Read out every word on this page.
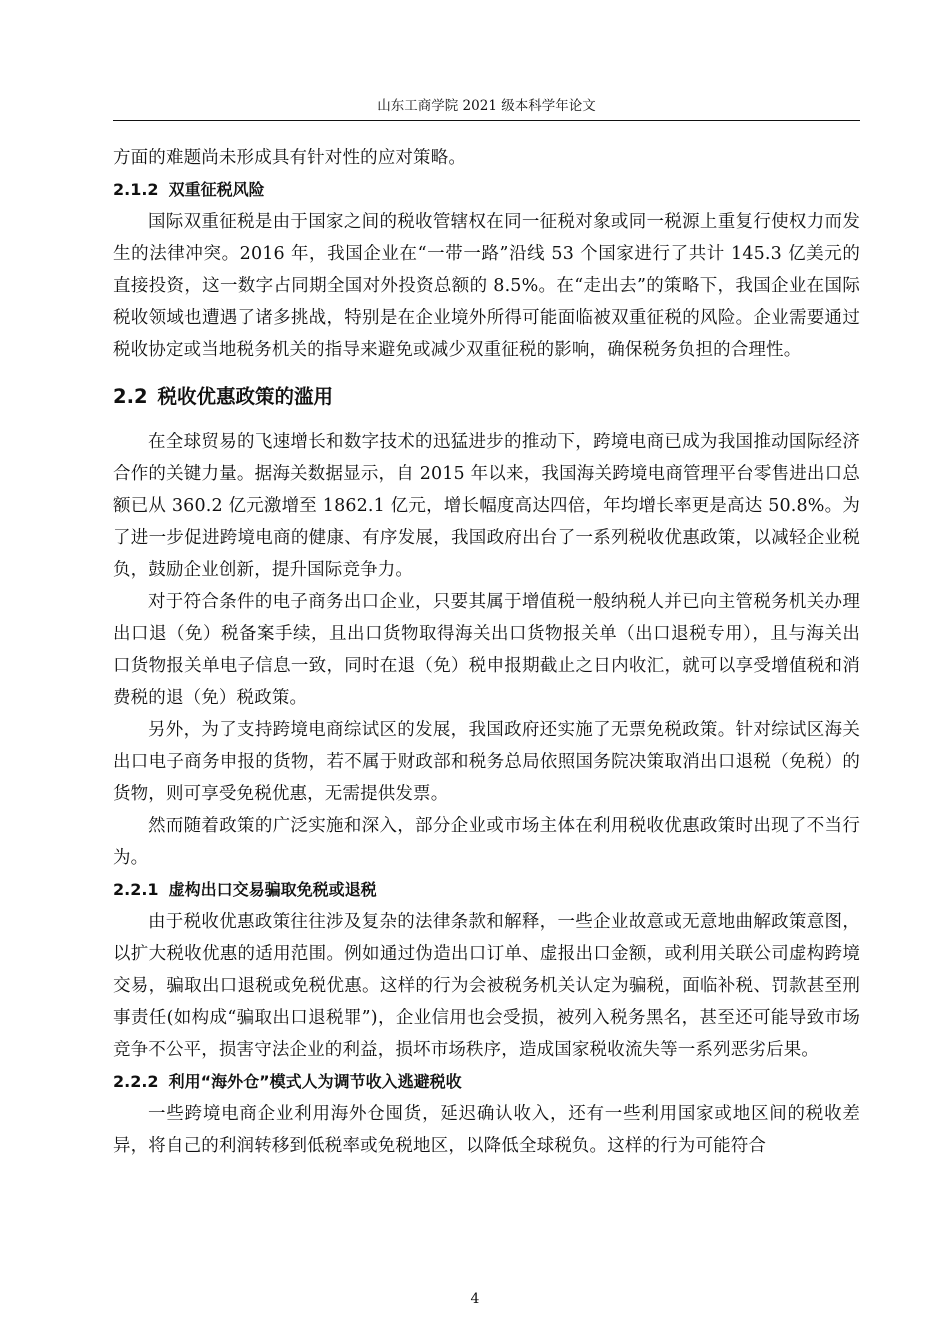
山东工商学院 2021 级本科学年论文

方面的难题尚未形成具有针对性的应对策略。

2.1.2 双重征税风险

国际双重征税是由于国家之间的税收管辖权在同一征税对象或同一税源上重复行使权力而发生的法律冲突。2016 年，我国企业在“一带一路”沿线 53 个国家进行了共计 145.3 亿美元的直接投资，这一数字占同期全国对外投资总额的 8.5%。在“走出去”的策略下，我国企业在国际税收领域也遭遇了诸多挑战，特别是在企业境外所得可能面临被双重征税的风险。企业需要通过税收协定或当地税务机关的指导来避免或减少双重征税的影响，确保税务负担的合理性。

2.2 税收优惠政策的滥用

在全球贸易的飞速增长和数字技术的迅猛进步的推动下，跨境电商已成为我国推动国际经济合作的关键力量。据海关数据显示，自 2015 年以来，我国海关跨境电商管理平台零售进出口总额已从 360.2 亿元激增至 1862.1 亿元，增长幅度高达四倍，年均增长率更是高达 50.8%。为了进一步促进跨境电商的健康、有序发展，我国政府出台了一系列税收优惠政策，以减轻企业税负，鼓励企业创新，提升国际竞争力。

对于符合条件的电子商务出口企业，只要其属于增值税一般纳税人并已向主管税务机关办理出口退（免）税备案手续，且出口货物取得海关出口货物报关单（出口退税专用），且与海关出口货物报关单电子信息一致，同时在退（免）税申报期截止之日内收汇，就可以享受增值税和消费税的退（免）税政策。

另外，为了支持跨境电商综试区的发展，我国政府还实施了无票免税政策。针对综试区海关出口电子商务申报的货物，若不属于财政部和税务总局依照国务院决策取消出口退税（免税）的货物，则可享受免税优惠，无需提供发票。

然而随着政策的广泛实施和深入，部分企业或市场主体在利用税收优惠政策时出现了不当行为。

2.2.1 虚构出口交易骗取免税或退税

由于税收优惠政策往往涉及复杂的法律条款和解释，一些企业故意或无意地曲解政策意图，以扩大税收优惠的适用范围。例如通过伪造出口订单、虚报出口金额，或利用关联公司虚构跨境交易，骗取出口退税或免税优惠。这样的行为会被税务机关认定为骗税，面临补税、罚款甚至刑事责任(如构成“骗取出口退税罪”)，企业信用也会受损，被列入税务黑名，甚至还可能导致市场竞争不公平，损害守法企业的利益，损坏市场秩序，造成国家税收流失等一系列恶劣后果。

2.2.2 利用“海外仓”模式人为调节收入逃避税收

一些跨境电商企业利用海外仓囤货，延迟确认收入，还有一些利用国家或地区间的税收差异，将自己的利润转移到低税率或免税地区，以降低全球税负。这样的行为可能符合

4
